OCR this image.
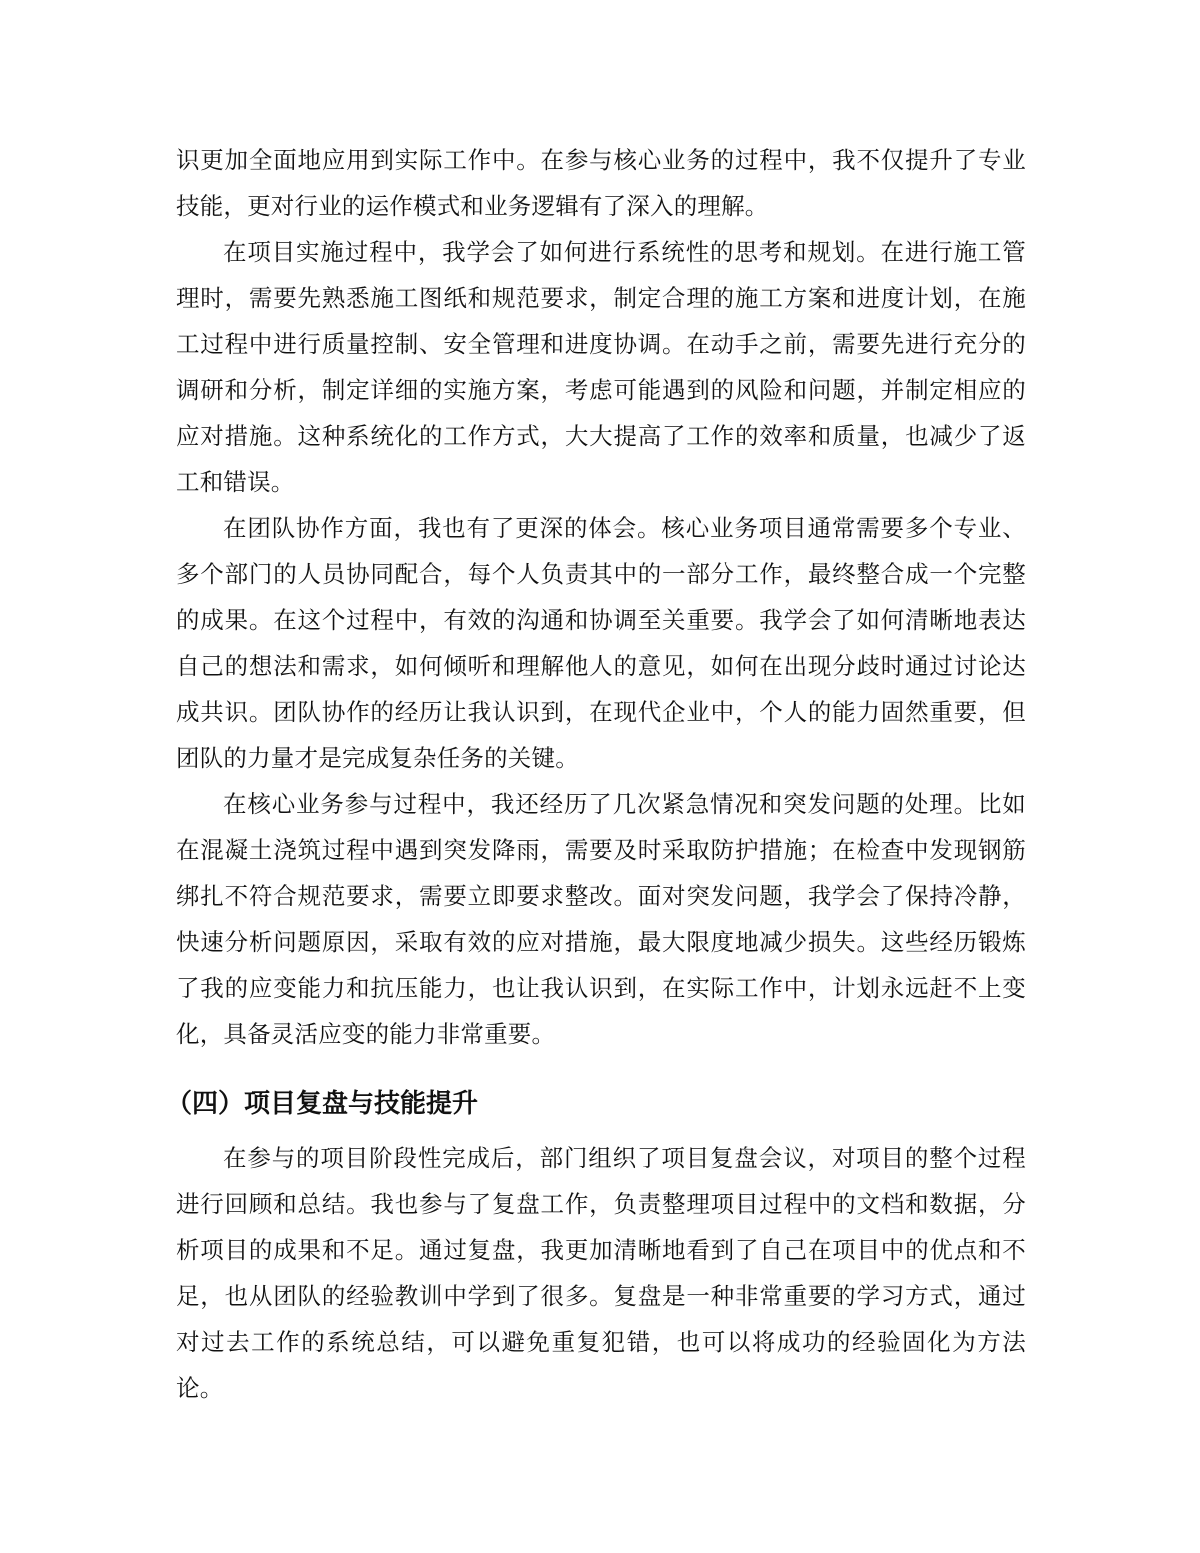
识更加全面地应用到实际工作中。在参与核心业务的过程中，我不仅提升了专业技能，更对行业的运作模式和业务逻辑有了深入的理解。

在项目实施过程中，我学会了如何进行系统性的思考和规划。在进行施工管理时，需要先熟悉施工图纸和规范要求，制定合理的施工方案和进度计划，在施工过程中进行质量控制、安全管理和进度协调。在动手之前，需要先进行充分的调研和分析，制定详细的实施方案，考虑可能遇到的风险和问题，并制定相应的应对措施。这种系统化的工作方式，大大提高了工作的效率和质量，也减少了返工和错误。

在团队协作方面，我也有了更深的体会。核心业务项目通常需要多个专业、多个部门的人员协同配合，每个人负责其中的一部分工作，最终整合成一个完整的成果。在这个过程中，有效的沟通和协调至关重要。我学会了如何清晰地表达自己的想法和需求，如何倾听和理解他人的意见，如何在出现分歧时通过讨论达成共识。团队协作的经历让我认识到，在现代企业中，个人的能力固然重要，但团队的力量才是完成复杂任务的关键。

在核心业务参与过程中，我还经历了几次紧急情况和突发问题的处理。比如在混凝土浇筑过程中遇到突发降雨，需要及时采取防护措施；在检查中发现钢筋绑扎不符合规范要求，需要立即要求整改。面对突发问题，我学会了保持冷静，快速分析问题原因，采取有效的应对措施，最大限度地减少损失。这些经历锻炼了我的应变能力和抗压能力，也让我认识到，在实际工作中，计划永远赶不上变化，具备灵活应变的能力非常重要。

（四）项目复盘与技能提升

在参与的项目阶段性完成后，部门组织了项目复盘会议，对项目的整个过程进行回顾和总结。我也参与了复盘工作，负责整理项目过程中的文档和数据，分析项目的成果和不足。通过复盘，我更加清晰地看到了自己在项目中的优点和不足，也从团队的经验教训中学到了很多。复盘是一种非常重要的学习方式，通过对过去工作的系统总结，可以避免重复犯错，也可以将成功的经验固化为方法论。
